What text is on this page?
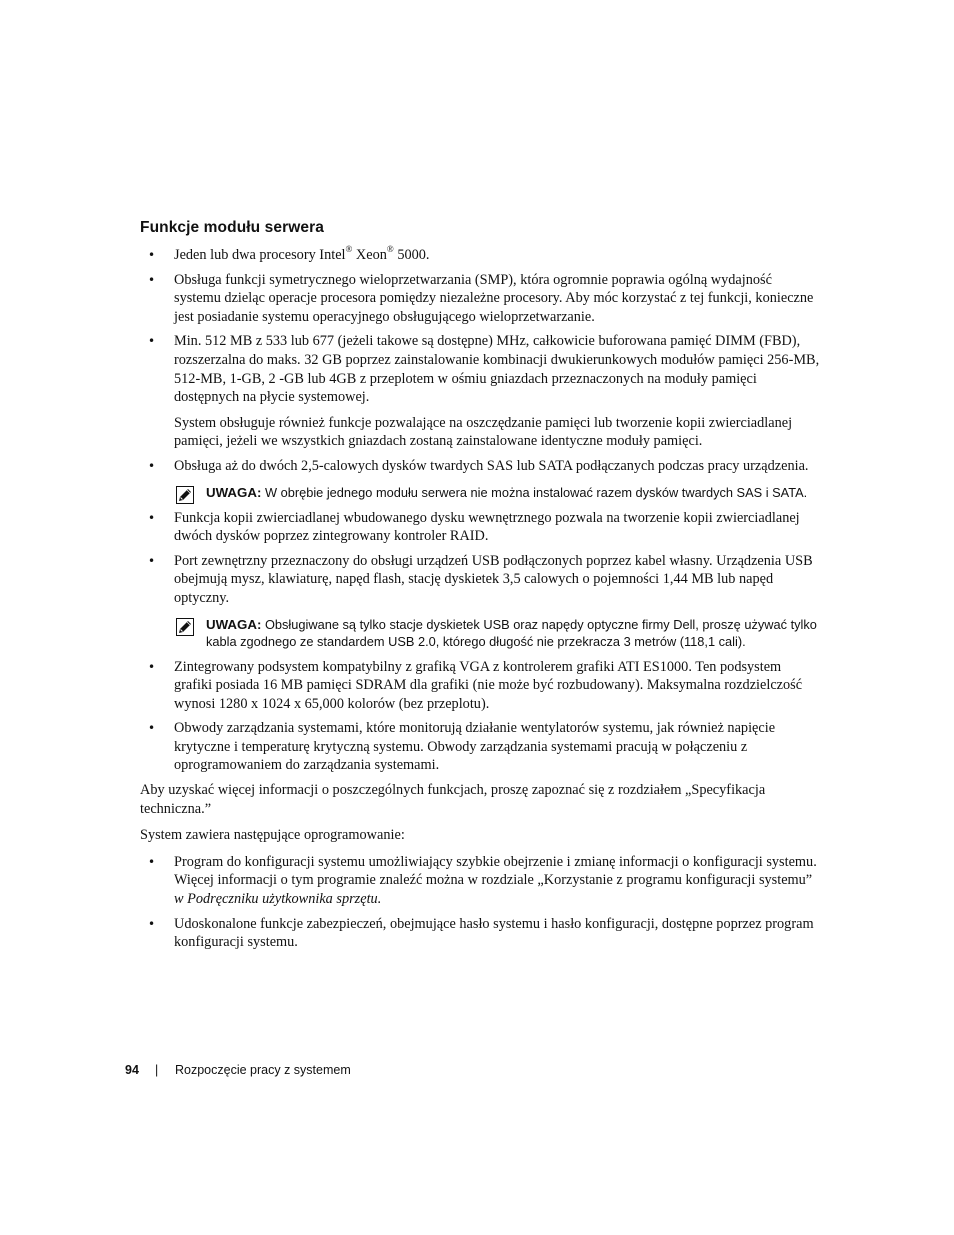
Funkcje modułu serwera
• Jeden lub dwa procesory Intel® Xeon® 5000.
• Obsługa funkcji symetrycznego wieloprzetwarzania (SMP), która ogromnie poprawia ogólną wydajność systemu dzieląc operacje procesora pomiędzy niezależne procesory. Aby móc korzystać z tej funkcji, konieczne jest posiadanie systemu operacyjnego obsługującego wieloprzetwarzanie.
• Min. 512 MB z 533 lub 677 (jeżeli takowe są dostępne) MHz, całkowicie buforowana pamięć DIMM (FBD), rozszerzalna do maks. 32 GB poprzez zainstalowanie kombinacji dwukierunkowych modułów pamięci 256-MB, 512-MB, 1-GB, 2 -GB lub 4GB z przeplotem w ośmiu gniazdach przeznaczonych na moduły pamięci dostępnych na płycie systemowej.
System obsługuje również funkcje pozwalające na oszczędzanie pamięci lub tworzenie kopii zwierciadlanej pamięci, jeżeli we wszystkich gniazdach zostaną zainstalowane identyczne moduły pamięci.
• Obsługa aż do dwóch 2,5-calowych dysków twardych SAS lub SATA podłączanych podczas pracy urządzenia.
UWAGA: W obrębie jednego modułu serwera nie można instalować razem dysków twardych SAS i SATA.
• Funkcja kopii zwierciadlanej wbudowanego dysku wewnętrznego pozwala na tworzenie kopii zwierciadlanej dwóch dysków poprzez zintegrowany kontroler RAID.
• Port zewnętrzny przeznaczony do obsługi urządzeń USB podłączonych poprzez kabel własny. Urządzenia USB obejmują mysz, klawiaturę, napęd flash, stację dyskietek 3,5 calowych o pojemności 1,44 MB lub napęd optyczny.
UWAGA: Obsługiwane są tylko stacje dyskietek USB oraz napędy optyczne firmy Dell, proszę używać tylko kabla zgodnego ze standardem USB 2.0, którego długość nie przekracza 3 metrów (118,1 cali).
• Zintegrowany podsystem kompatybilny z grafiką VGA z kontrolerem grafiki ATI ES1000. Ten podsystem grafiki posiada 16 MB pamięci SDRAM dla grafiki (nie może być rozbudowany). Maksymalna rozdzielczość wynosi 1280 x 1024 x 65,000 kolorów (bez przeplotu).
• Obwody zarządzania systemami, które monitorują działanie wentylatorów systemu, jak również napięcie krytyczne i temperaturę krytyczną systemu. Obwody zarządzania systemami pracują w połączeniu z oprogramowaniem do zarządzania systemami.

Aby uzyskać więcej informacji o poszczególnych funkcjach, proszę zapoznać się z rozdziałem „Specyfikacja techniczna.”

System zawiera następujące oprogramowanie:

• Program do konfiguracji systemu umożliwiający szybkie obejrzenie i zmianę informacji o konfiguracji systemu. Więcej informacji o tym programie znaleźć można w rozdziale „Korzystanie z programu konfiguracji systemu” w Podręczniku użytkownika sprzętu.
• Udoskonalone funkcje zabezpieczeń, obejmujące hasło systemu i hasło konfiguracji, dostępne poprzez program konfiguracji systemu.
94 | Rozpoczęcie pracy z systemem
